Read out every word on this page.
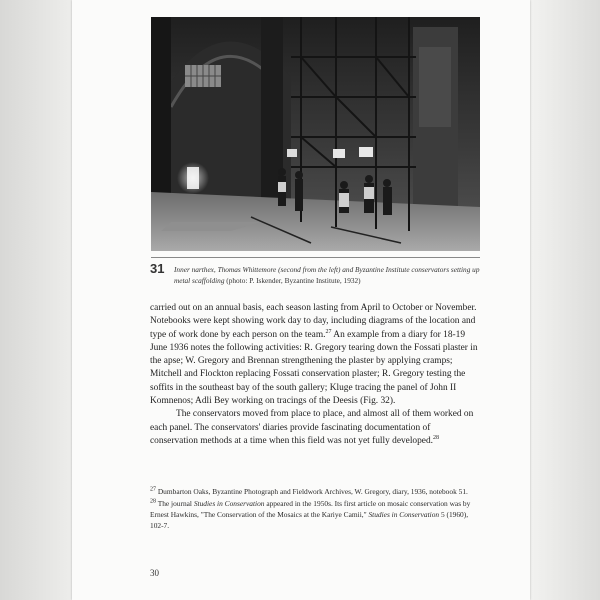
31 Inner narthex, Thomas Whittemore (second from the left) and Byzantine Institute conservators setting up metal scaffolding (photo: P. Iskender, Byzantine Institute, 1932)

carried out on an annual basis, each season lasting from April to October or November. Notebooks were kept showing work day to day, including diagrams of the location and type of work done by each person on the team.$^{27}$ An example from a diary for 18-19 June 1936 notes the following activities: R. Gregory tearing down the Fossati plaster in the apse; W. Gregory and Brennan strengthening the plaster by applying cramps; Mitchell and Flockton replacing Fossati conservation plaster; R. Gregory testing the soffits in the southeast bay of the south gallery; Kluge tracing the panel of John II Komnenos; Adli Bey working on tracings of the Deesis (Fig. 32).

The conservators moved from place to place, and almost all of them worked on each panel. The conservators' diaries provide fascinating documentation of conservation methods at a time when this field was not yet fully developed.$^{28}$

$^{27}$ Dumbarton Oaks, Byzantine Photograph and Fieldwork Archives, W. Gregory, diary, 1936, notebook 51.

$^{28}$ The journal Studies in Conservation appeared in the 1950s. Its first article on mosaic conservation was by Ernest Hawkins, "The Conservation of the Mosaics at the Kariye Camii," Studies in Conservation 5 (1960), 102-7.

30
